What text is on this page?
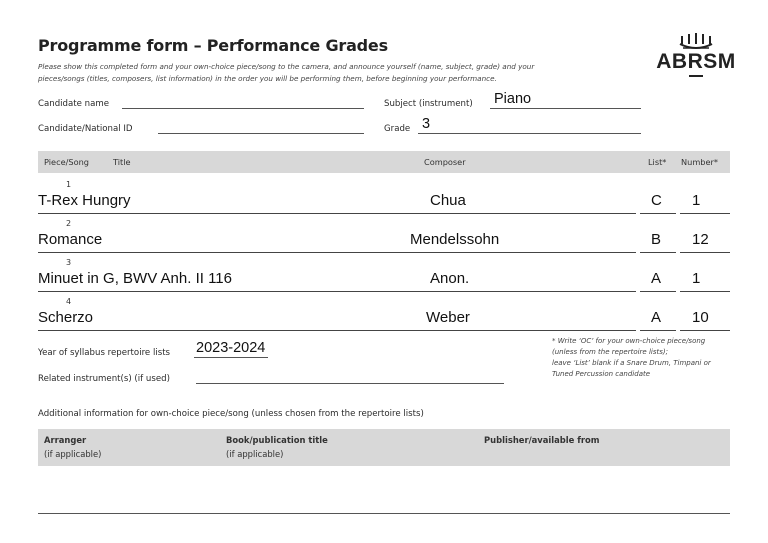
Programme form – Performance Grades
Please show this completed form and your own-choice piece/song to the camera, and announce yourself (name, subject, grade) and your
pieces/songs (titles, composers, list information) in the order you will be performing them, before beginning your performance.
ABRSM
Candidate name
Candidate/National ID
Subject (instrument) Piano
Grade 3
Piece/Song	Title	Composer	List* Number*
1
T-Rex Hungry	Chua	C 1
2
Romance	Mendelssohn	B 12
3
Minuet in G, BWV Anh. II 116	Anon.	A 1
4
Scherzo	Weber	A 10
Year of syllabus repertoire lists 2023-2024
Related instrument(s) (if used)
* Write ‘OC’ for your own-choice piece/song
(unless from the repertoire lists);
leave ‘List’ blank if a Snare Drum, Timpani or
Tuned Percussion candidate
Additional information for own-choice piece/song (unless chosen from the repertoire lists)
Arranger
(if applicable)
Book/publication title
(if applicable)
Publisher/available from
